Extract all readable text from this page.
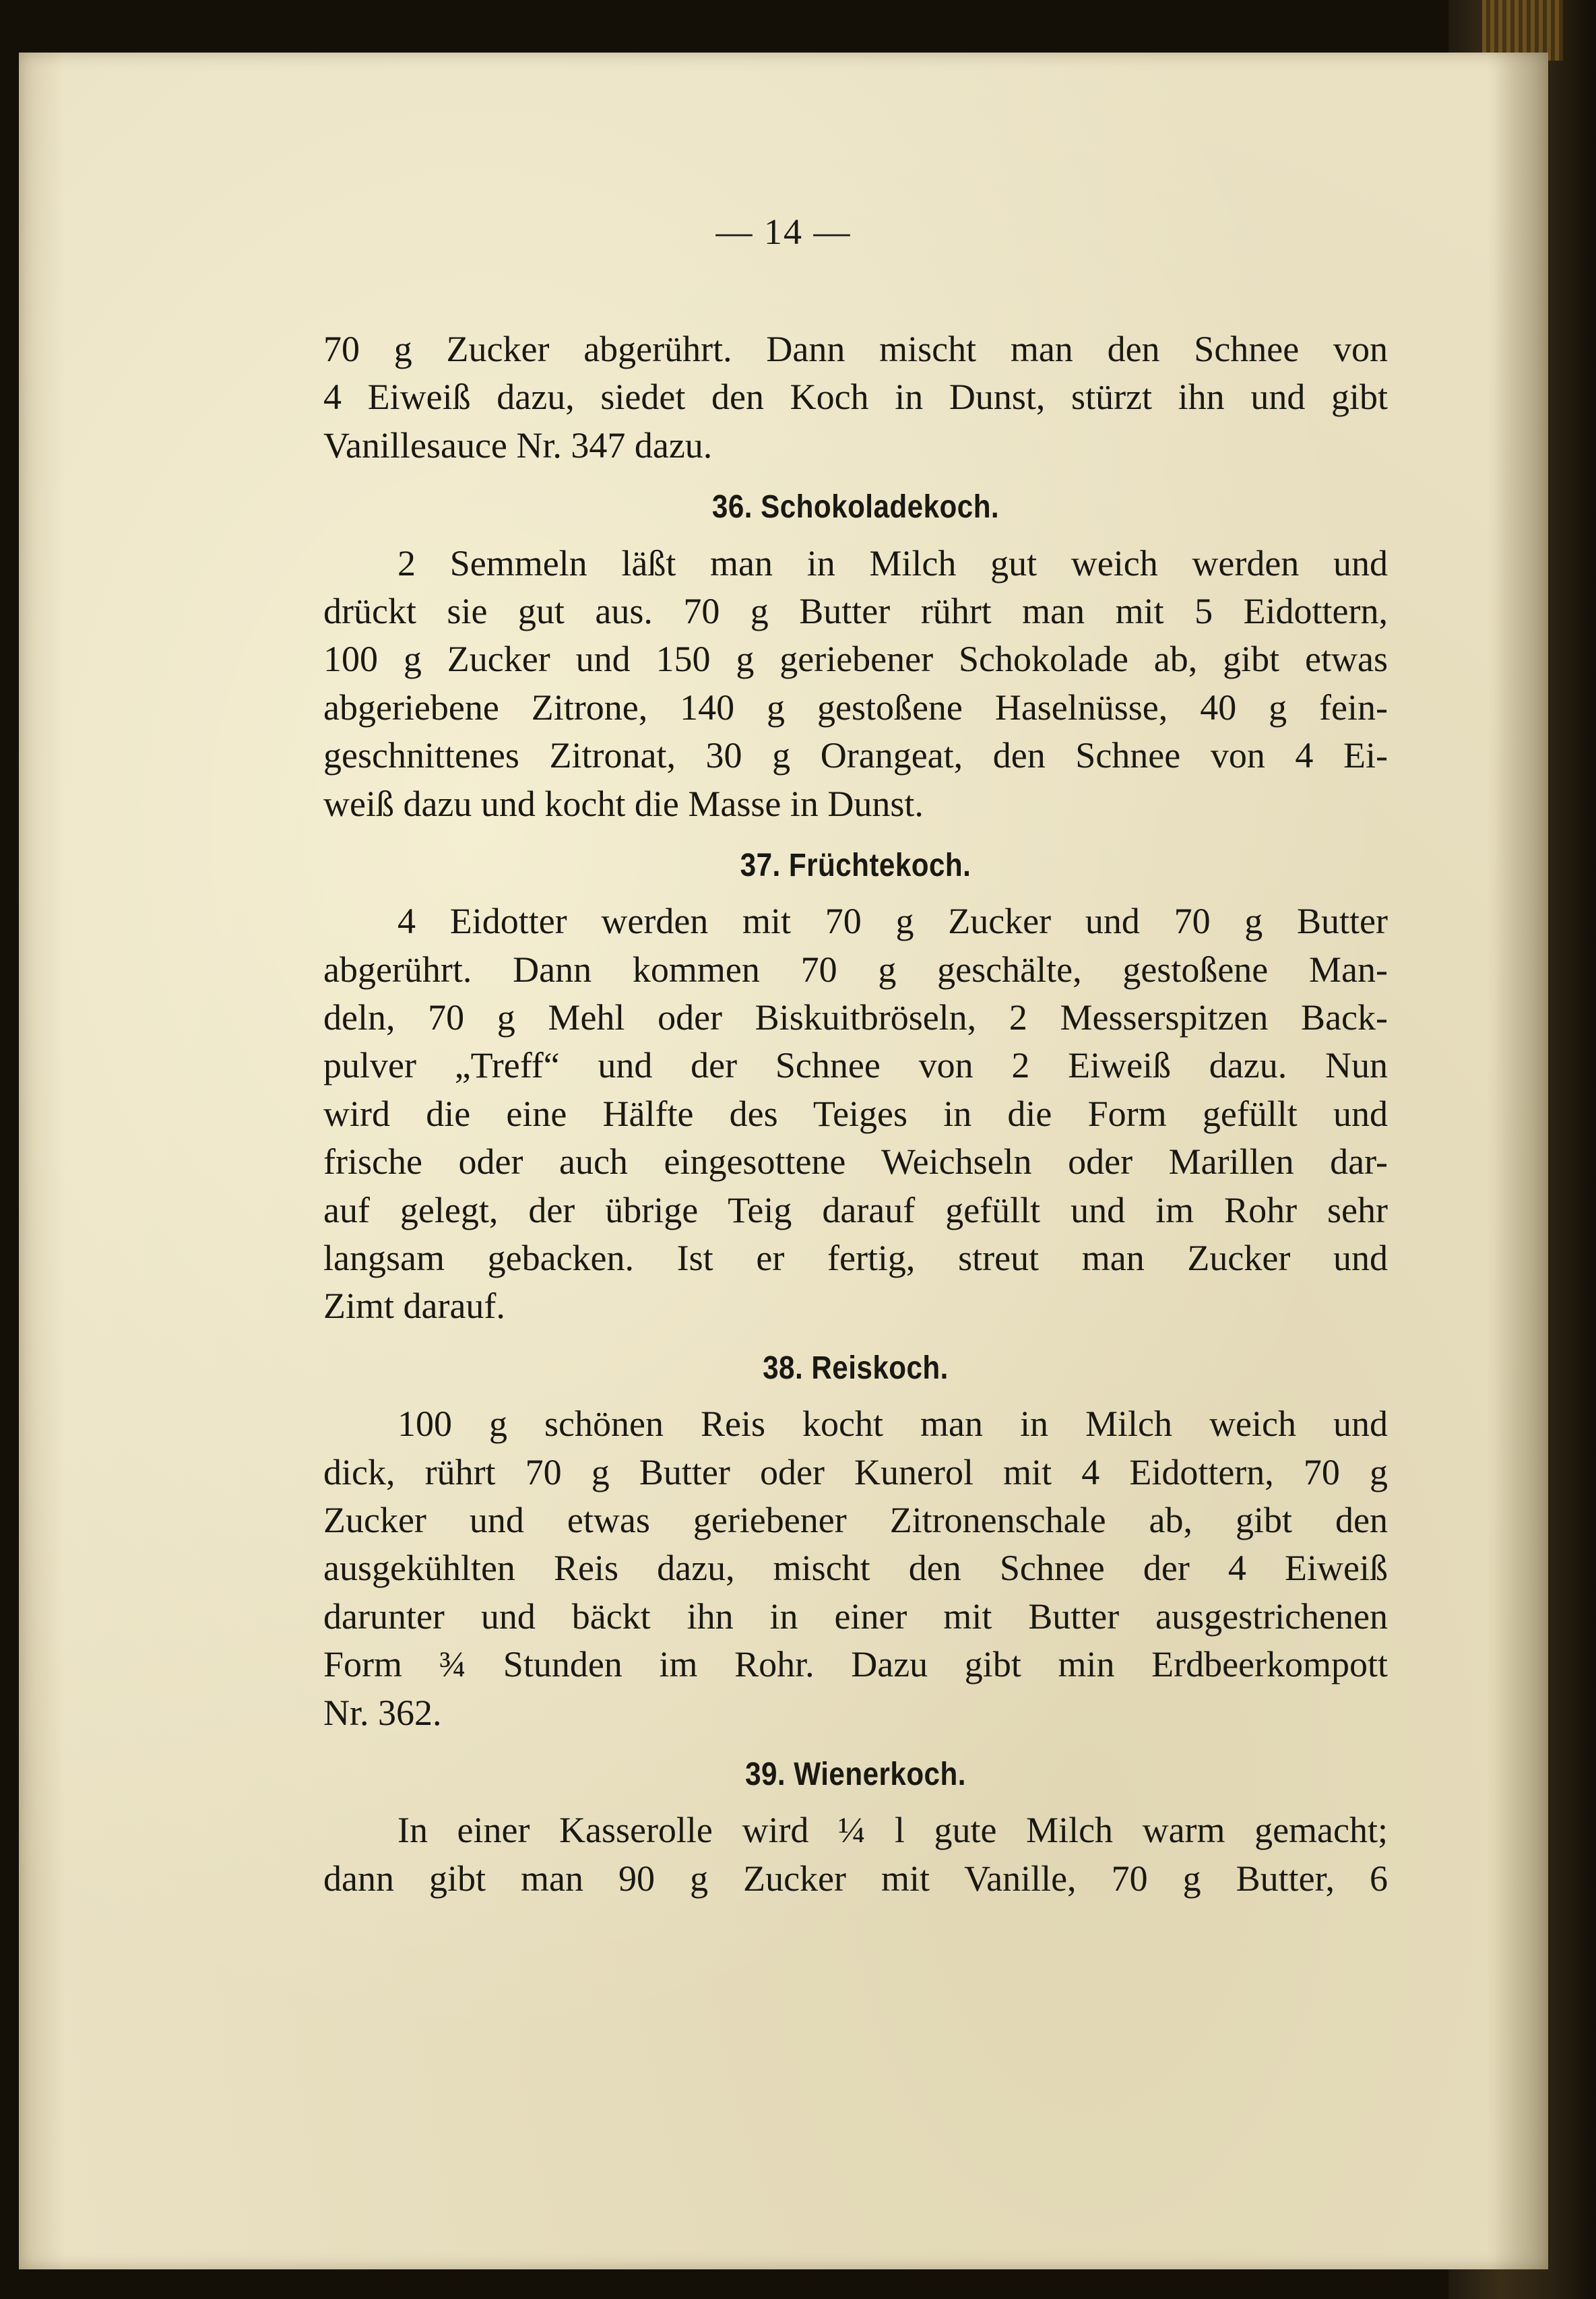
— 14 —
70 g Zucker abgerührt. Dann mischt man den Schnee von
4 Eiweiß dazu, siedet den Koch in Dunst, stürzt ihn und gibt
Vanillesauce Nr. 347 dazu.
36. Schokoladekoch.
2 Semmeln läßt man in Milch gut weich werden und
drückt sie gut aus. 70 g Butter rührt man mit 5 Eidottern,
100 g Zucker und 150 g geriebener Schokolade ab, gibt etwas
abgeriebene Zitrone, 140 g gestoßene Haselnüsse, 40 g fein-
geschnittenes Zitronat, 30 g Orangeat, den Schnee von 4 Ei-
weiß dazu und kocht die Masse in Dunst.
37. Früchtekoch.
4 Eidotter werden mit 70 g Zucker und 70 g Butter
abgerührt. Dann kommen 70 g geschälte, gestoßene Man-
deln, 70 g Mehl oder Biskuitbröseln, 2 Messerspitzen Back-
pulver „Treff“ und der Schnee von 2 Eiweiß dazu. Nun
wird die eine Hälfte des Teiges in die Form gefüllt und
frische oder auch eingesottene Weichseln oder Marillen dar-
auf gelegt, der übrige Teig darauf gefüllt und im Rohr sehr
langsam gebacken. Ist er fertig, streut man Zucker und
Zimt darauf.
38. Reiskoch.
100 g schönen Reis kocht man in Milch weich und
dick, rührt 70 g Butter oder Kunerol mit 4 Eidottern, 70 g
Zucker und etwas geriebener Zitronenschale ab, gibt den
ausgekühlten Reis dazu, mischt den Schnee der 4 Eiweiß
darunter und bäckt ihn in einer mit Butter ausgestrichenen
Form ¾ Stunden im Rohr. Dazu gibt min Erdbeerkompott
Nr. 362.
39. Wienerkoch.
In einer Kasserolle wird ¼ l gute Milch warm gemacht;
dann gibt man 90 g Zucker mit Vanille, 70 g Butter, 6
